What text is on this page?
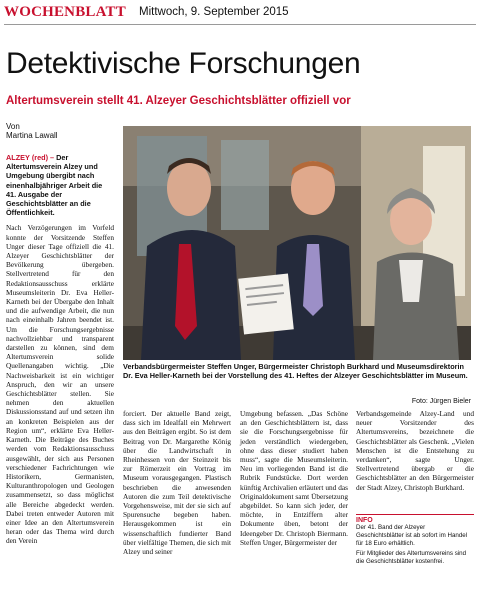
WOCHENBLATT Mittwoch, 9. September 2015
Detektivische Forschungen
Altertumsverein stellt 41. Alzeyer Geschichtsblätter offiziell vor
Von
Martina Lawall

ALZEY (red) – Der Altertumsverein Alzey und Umgebung übergibt nach einenhalbjähriger Arbeit die 41. Ausgabe der Geschichtsblätter an die Öffentlichkeit.

Nach Verzögerungen im Vorfeld konnte der Vorsitzende Steffen Unger dieser Tage offiziell die 41. Alzeyer Geschichtsblätter der Bevölkerung übergeben. Stellvertretend für den Redaktionsausschuss erklärte Museumsleiterin Dr. Eva Heller-Karneth bei der Übergabe den Inhalt und die aufwendige Arbeit, die nun nach eineinhalb Jahren beendet ist. Um die Forschungsergebnisse nachvollziehbar und transparent darstellen zu können, sind dem Altertumsverein solide Quellenangaben wichtig. „Die Nachweisbarkeit ist ein wichtiger Anspruch, den wir an unsere Geschichtsblätter stellen. Sie nehmen den aktuellen Diskussionsstand auf und setzen ihn an konkreten Beispielen aus der Region um“, erklärte Eva Heller-Karneth. Die Beiträge des Buches werden vom Redaktionsausschuss ausgewählt, der sich aus Personen verschiedener Fachrichtungen wie Historikern, Germanisten, Kulturanthropologen und Geologen zusammensetzt, so dass möglichst alle Bereiche abgedeckt werden. Dabei treten entweder Autoren mit einer Idee an den Altertumsverein heran oder das Thema wird durch den Verein

Verbandsbürgermeister Steffen Unger, Bürgermeister Christoph Burkhard und Museumsdirektorin Dr. Eva Heller-Karneth bei der Vorstellung des 41. Heftes der Alzeyer Geschichtsblätter im Museum.
Foto: Jürgen Bieler

forciert. Der aktuelle Band zeigt, dass sich im Idealfall ein Mehrwert aus den Beiträgen ergibt. So ist dem Beitrag von Dr. Margarethe König über die Landwirtschaft in Rheinhessen von der Steinzeit bis zur Römerzeit ein Vortrag im Museum vorausgegangen. Plastisch beschrieben die anwesenden Autoren die zum Teil detektivische Vorgehensweise, mit der sie sich auf Spurensuche begeben haben. Herausgekommen ist ein wissenschaftlich fundierter Band über vielfältige Themen, die sich mit Alzey und seiner

Umgebung befassen. „Das Schöne an den Geschichtsblättern ist, dass sie die Forschungsergebnisse für jeden verständlich wiedergeben, ohne dass dieser studiert haben muss“, sagte die Museumsleiterin. Neu im vorliegenden Band ist die Rubrik Fundstücke. Dort werden künftig Archivalien erläutert und das Originaldokument samt Übersetzung abgebildet. So kann sich jeder, der möchte, in Entziffern alter Dokumente üben, betont der Ideengeber Dr. Christoph Biermann. Steffen Unger, Bürgermeister der

Verbandsgemeinde Alzey-Land und neuer Vorsitzender des Altertumsvereins, bezeichnete die Geschichtsblätter als Geschenk. „Vielen Menschen ist die Entstehung zu verdanken“, sagte Unger. Stellvertretend übergab er die Geschichtsblätter an den Bürgermeister der Stadt Alzey, Christoph Burkhard.

INFO

Der 41. Band der Alzeyer Geschichtsblätter ist ab sofort im Handel für 18 Euro erhältlich.

Für Mitglieder des Altertumsvereins sind die Geschichtsblätter kostenfrei.
